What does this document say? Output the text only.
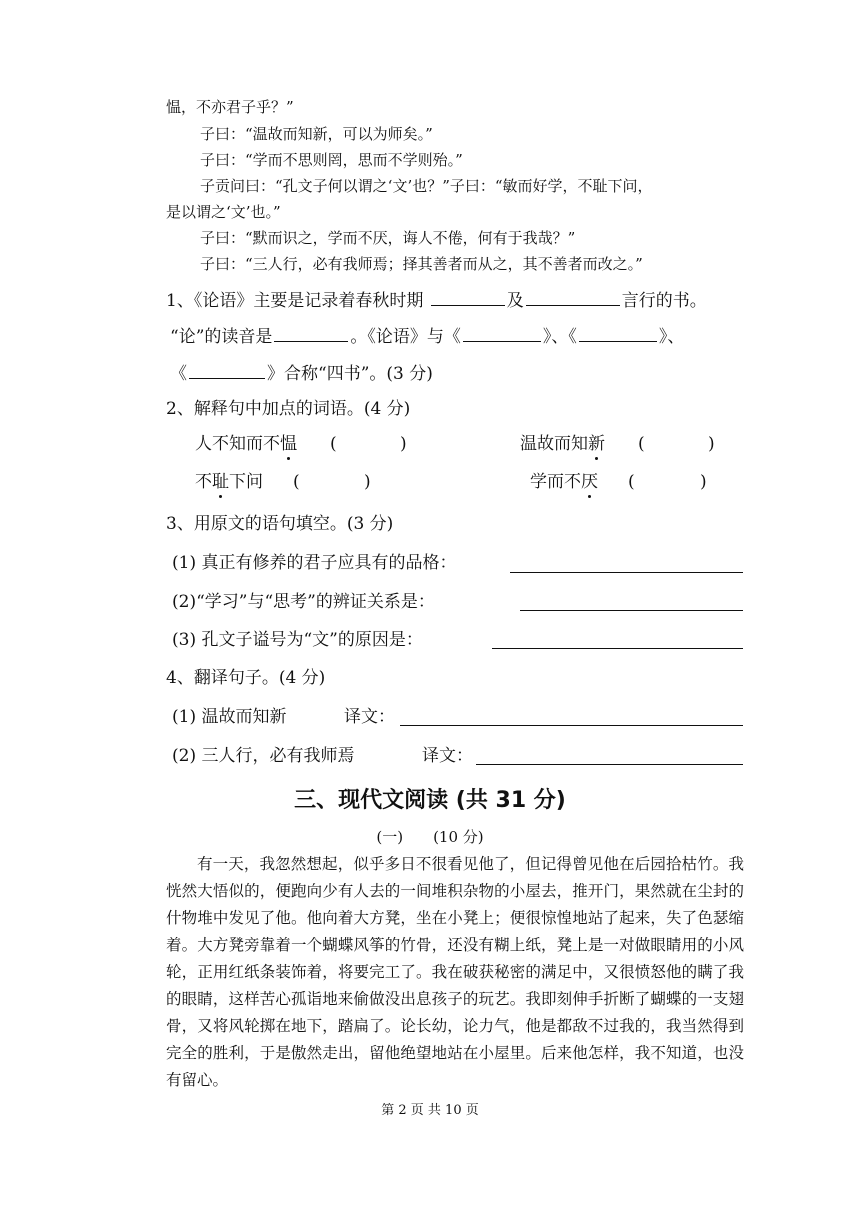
愠，不亦君子乎？”
子曰：“温故而知新，可以为师矣。”
子曰：“学而不思则罔，思而不学则殆。”
子贡问曰：“孔文子何以谓之‘文’也？”子曰：“敏而好学，不耻下问，
是以谓之‘文’也。”
子曰：“默而识之，学而不厌，诲人不倦，何有于我哉？”
子曰：“三人行，必有我师焉；择其善者而从之，其不善者而改之。”
1、《论语》主要是记录着春秋时期	及	言行的书。
“论”的读音是	。《论语》与《	》、《	》、
《	》合称“四书”。(3 分)
2、解释句中加点的词语。(4 分)
人不知而不愠 (	)	温故而知新 (	)
不耻下问 (	)	学而不厌 (	)
3、用原文的语句填空。(3 分)
(1) 真正有修养的君子应具有的品格：
(2)“学习”与“思考”的辨证关系是：
(3) 孔文子谥号为“文”的原因是：
4、翻译句子。(4 分)
(1) 温故而知新	译文：
(2) 三人行，必有我师焉	译文：
三、现代文阅读 (共 31 分)
(一)　　(10 分)
有一天，我忽然想起，似乎多日不很看见他了，但记得曾见他在后园拾枯竹。我恍然大悟似的，便跑向少有人去的一间堆积杂物的小屋去，推开门，果然就在尘封的什物堆中发见了他。他向着大方凳，坐在小凳上；便很惊惶地站了起来，失了色瑟缩着。大方凳旁靠着一个蝴蝶风筝的竹骨，还没有糊上纸，凳上是一对做眼睛用的小风轮，正用红纸条装饰着，将要完工了。我在破获秘密的满足中，又很愤怒他的瞒了我的眼睛，这样苦心孤诣地来偷做没出息孩子的玩艺。我即刻伸手折断了蝴蝶的一支翅骨，又将风轮掷在地下，踏扁了。论长幼，论力气，他是都敌不过我的，我当然得到完全的胜利，于是傲然走出，留他绝望地站在小屋里。后来他怎样，我不知道，也没有留心。
第 2 页 共 10 页
